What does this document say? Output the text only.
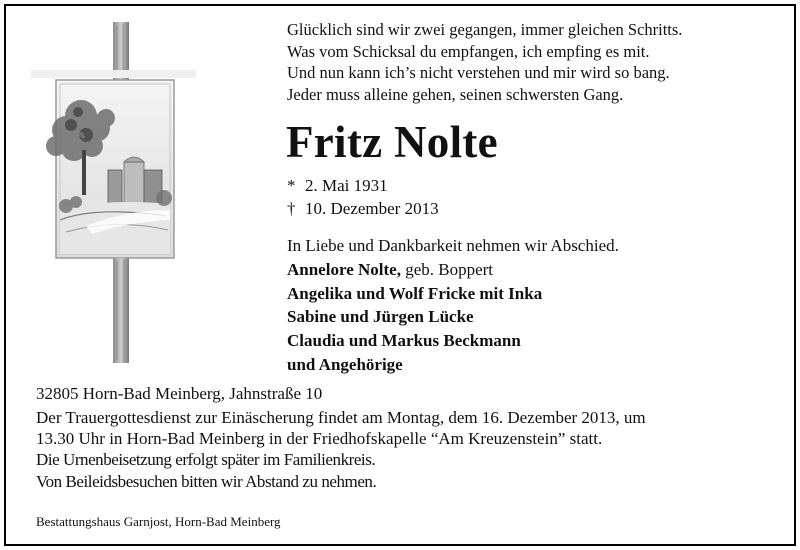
Glücklich sind wir zwei gegangen, immer gleichen Schritts.
Was vom Schicksal du empfangen, ich empfing es mit.
Und nun kann ich’s nicht verstehen und mir wird so bang.
Jeder muss alleine gehen, seinen schwersten Gang.
Fritz Nolte
* 2. Mai 1931
† 10. Dezember 2013
In Liebe und Dankbarkeit nehmen wir Abschied.
Annelore Nolte, geb. Boppert
Angelika und Wolf Fricke mit Inka
Sabine und Jürgen Lücke
Claudia und Markus Beckmann
und Angehörige
32805 Horn-Bad Meinberg, Jahnstraße 10
Der Trauergottesdienst zur Einäscherung findet am Montag, dem 16. Dezember 2013, um
13.30 Uhr in Horn-Bad Meinberg in der Friedhofskapelle “Am Kreuzenstein” statt.
Die Urnenbeisetzung erfolgt später im Familienkreis.
Von Beileidsbesuchen bitten wir Abstand zu nehmen.
Bestattungshaus Garnjost, Horn-Bad Meinberg
